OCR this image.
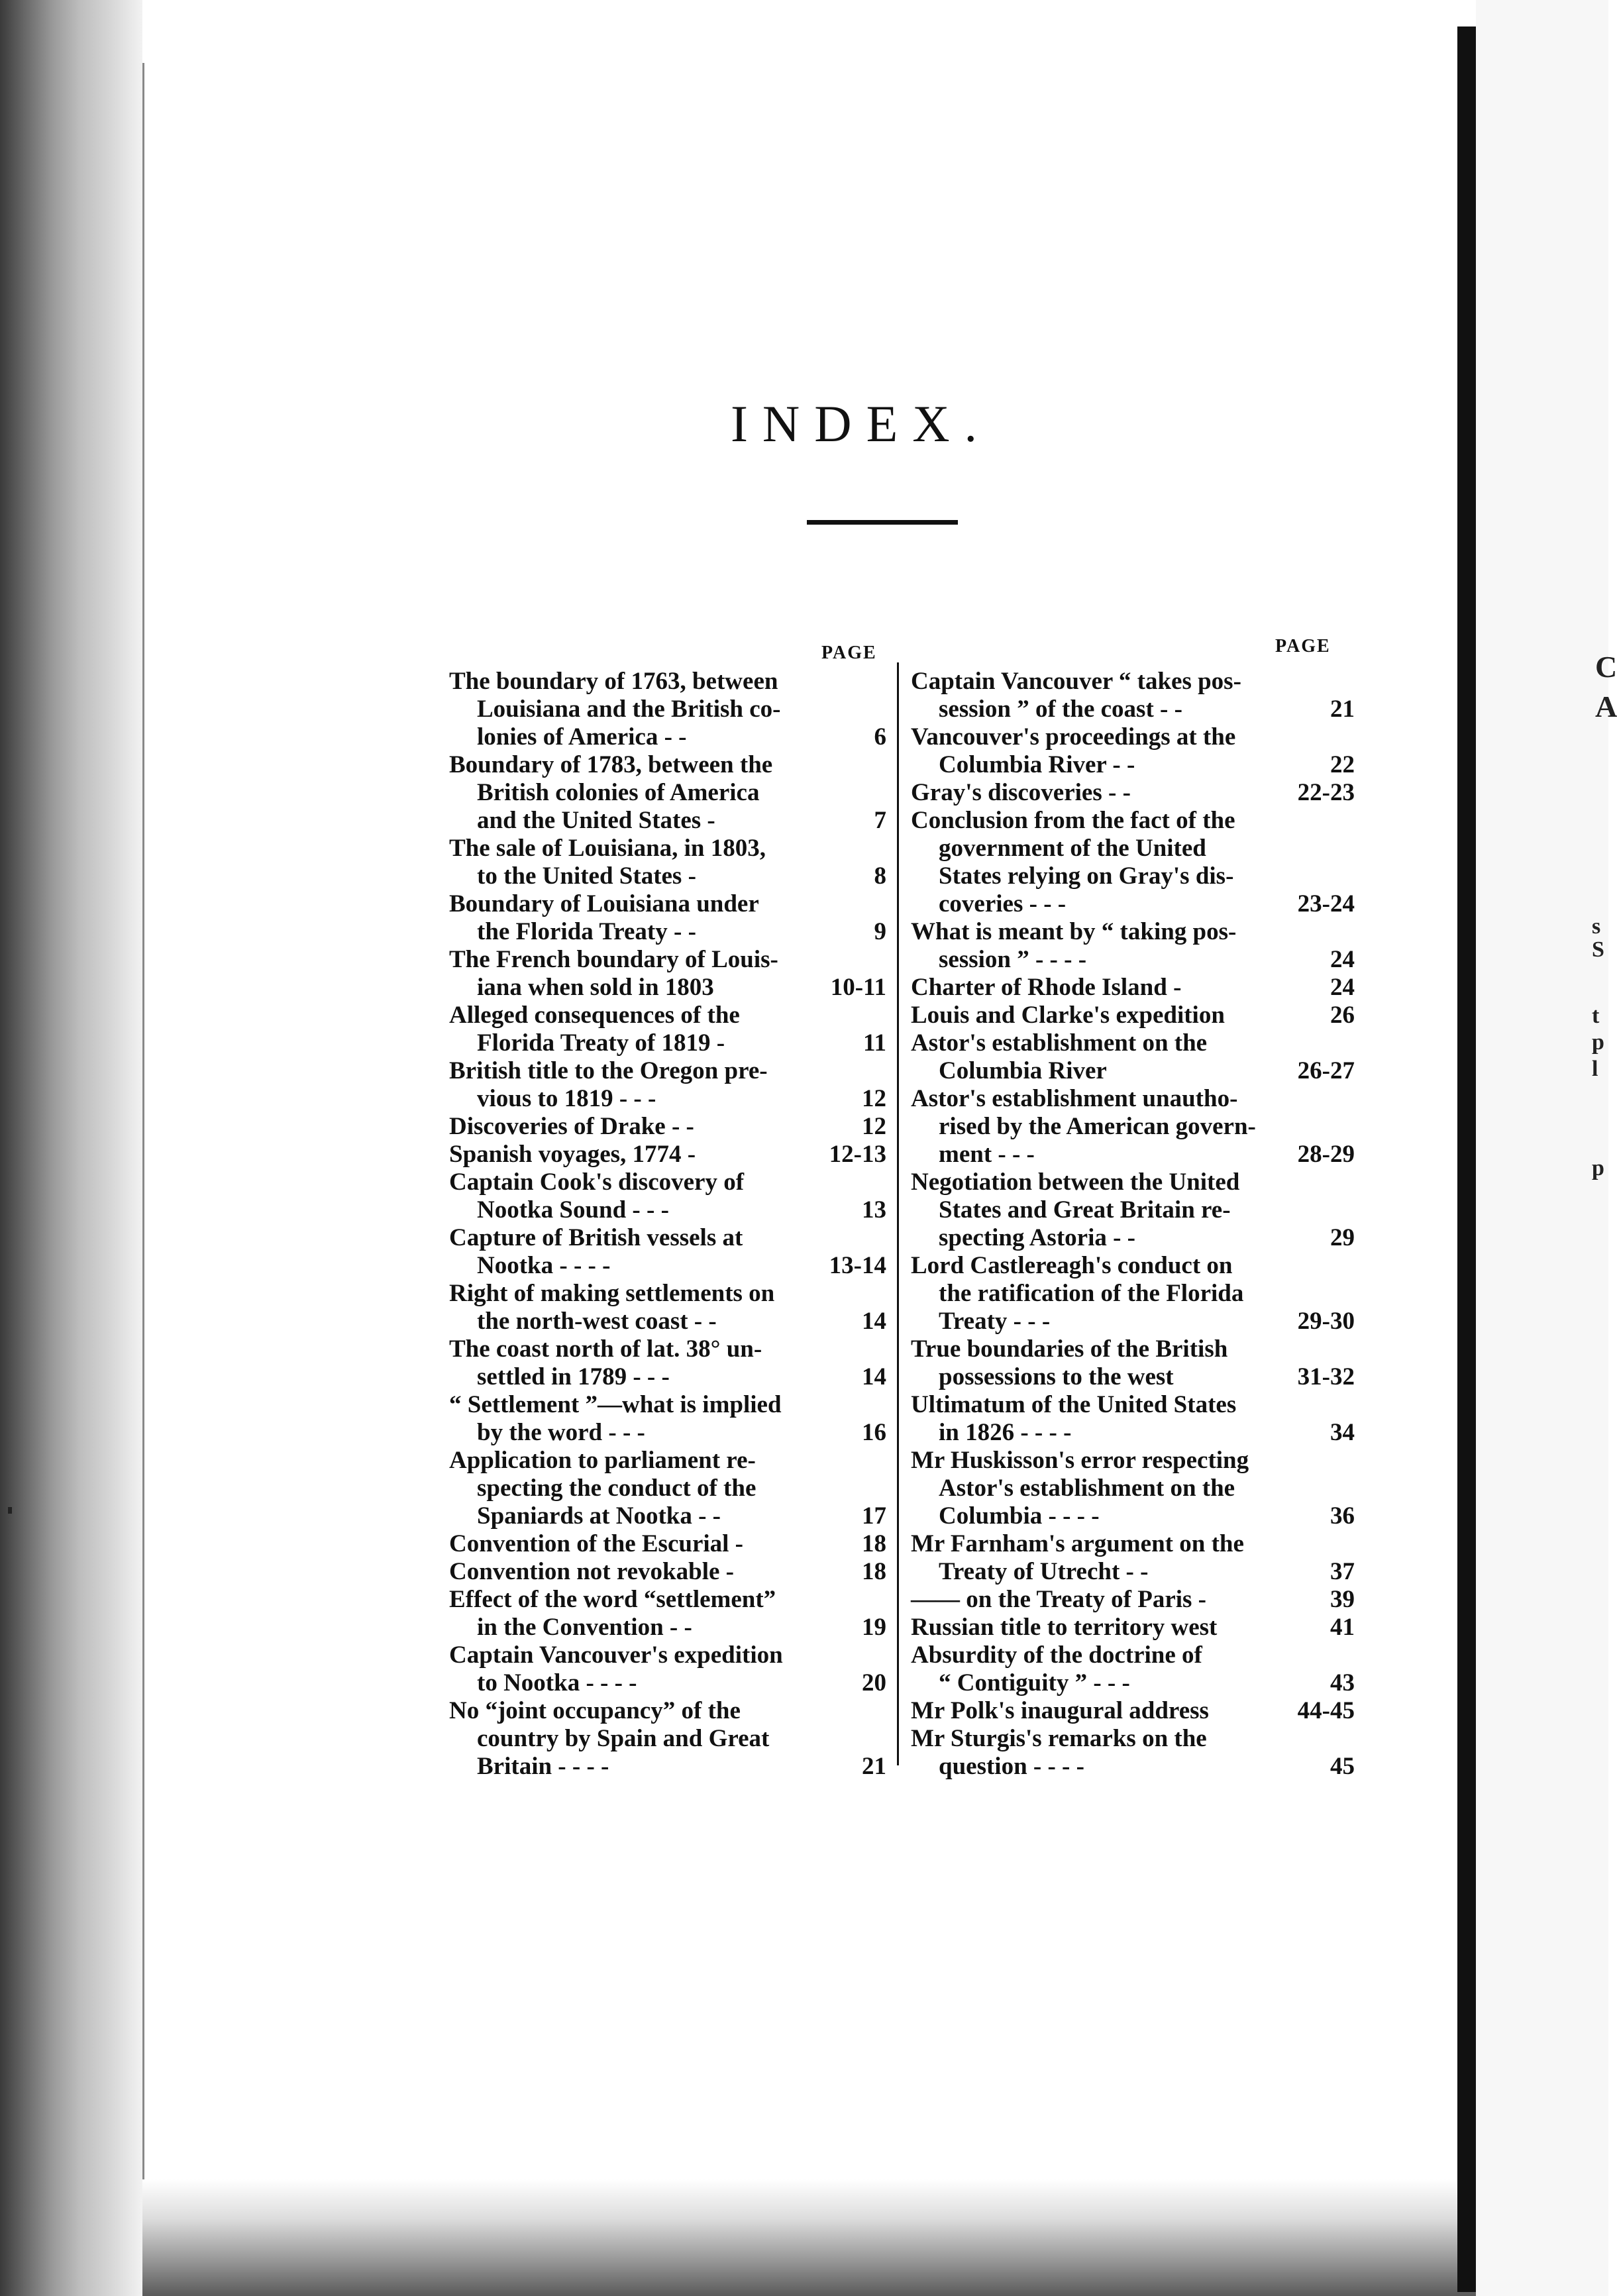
C
A
s
S
t
p
l
p
INDEX.
PAGE	PAGE
The boundary of 1763, between
Louisiana and the British co-
lonies of America - -	6
Boundary of 1783, between the
British colonies of America
and the United States -	7
The sale of Louisiana, in 1803,
to the United States -	8
Boundary of Louisiana under
the Florida Treaty - -	9
The French boundary of Louis-
iana when sold in 1803	10-11
Alleged consequences of the
Florida Treaty of 1819 -	11
British title to the Oregon pre-
vious to 1819 - - -	12
Discoveries of Drake - -	12
Spanish voyages, 1774 -	12-13
Captain Cook's discovery of
Nootka Sound - - -	13
Capture of British vessels at
Nootka - - - -	13-14
Right of making settlements on
the north-west coast - -	14
The coast north of lat. 38° un-
settled in 1789 - - -	14
“ Settlement ”—what is implied
by the word - - -	16
Application to parliament re-
specting the conduct of the
Spaniards at Nootka - -	17
Convention of the Escurial -	18
Convention not revokable -	18
Effect of the word “settlement”
in the Convention - -	19
Captain Vancouver's expedition
to Nootka - - - -	20
No “joint occupancy” of the
country by Spain and Great
Britain - - - -	21
Captain Vancouver “ takes pos-
session ” of the coast - -	21
Vancouver's proceedings at the
Columbia River - -	22
Gray's discoveries - -	22-23
Conclusion from the fact of the
government of the United
States relying on Gray's dis-
coveries - - -	23-24
What is meant by “ taking pos-
session ” - - - -	24
Charter of Rhode Island -	24
Louis and Clarke's expedition	26
Astor's establishment on the
Columbia River	26-27
Astor's establishment unautho-
rised by the American govern-
ment - - -	28-29
Negotiation between the United
States and Great Britain re-
specting Astoria - -	29
Lord Castlereagh's conduct on
the ratification of the Florida
Treaty - - -	29-30
True boundaries of the British
possessions to the west	31-32
Ultimatum of the United States
in 1826 - - - -	34
Mr Huskisson's error respecting
Astor's establishment on the
Columbia - - - -	36
Mr Farnham's argument on the
Treaty of Utrecht - -	37
—— on the Treaty of Paris -	39
Russian title to territory west	41
Absurdity of the doctrine of
“ Contiguity ” - - -	43
Mr Polk's inaugural address	44-45
Mr Sturgis's remarks on the
question - - - -	45
